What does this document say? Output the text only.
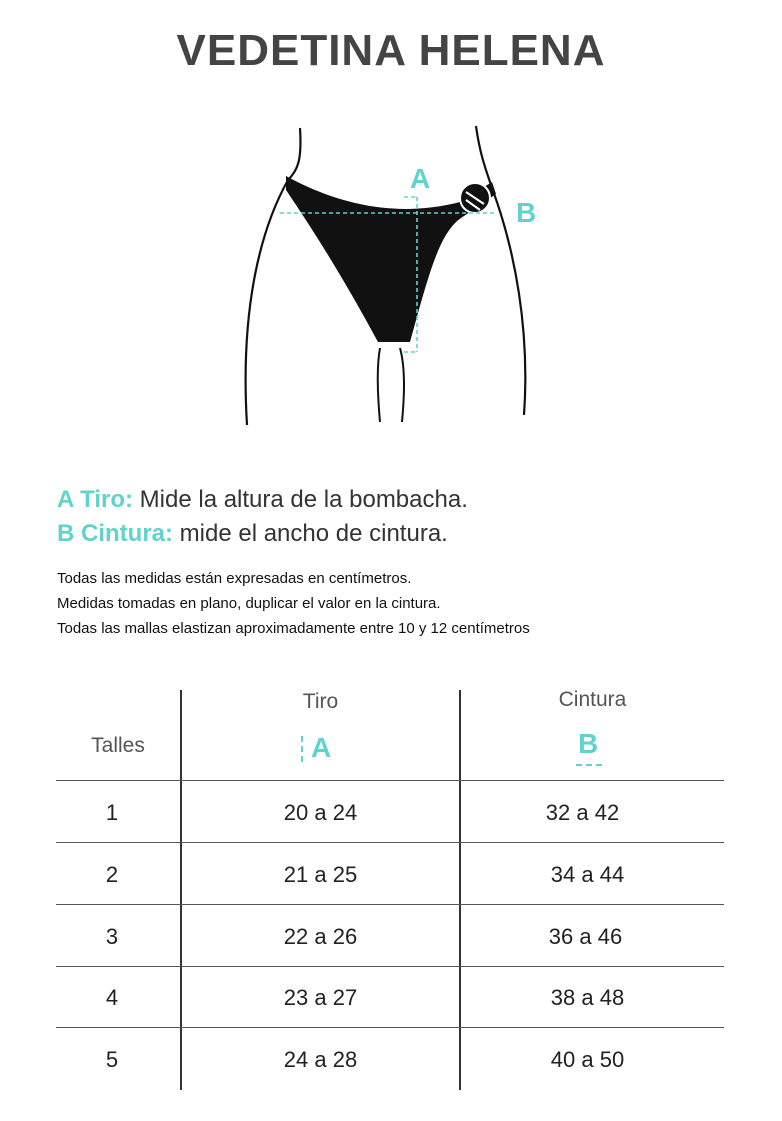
VEDETINA HELENA
A
B
A Tiro: Mide la altura de la bombacha.
B Cintura: mide el ancho de cintura.
Todas las medidas están expresadas en centímetros.
Medidas tomadas en plano, duplicar el valor en la cintura.
Todas las mallas elastizan aproximadamente entre 10 y 12 centímetros
Talles
Tiro	Cintura
A	B
1	20 a 24	32 a 42
2	21 a 25	34 a 44
3	22 a 26	36 a 46
4	23 a 27	38 a 48
5	24 a 28	40 a 50
